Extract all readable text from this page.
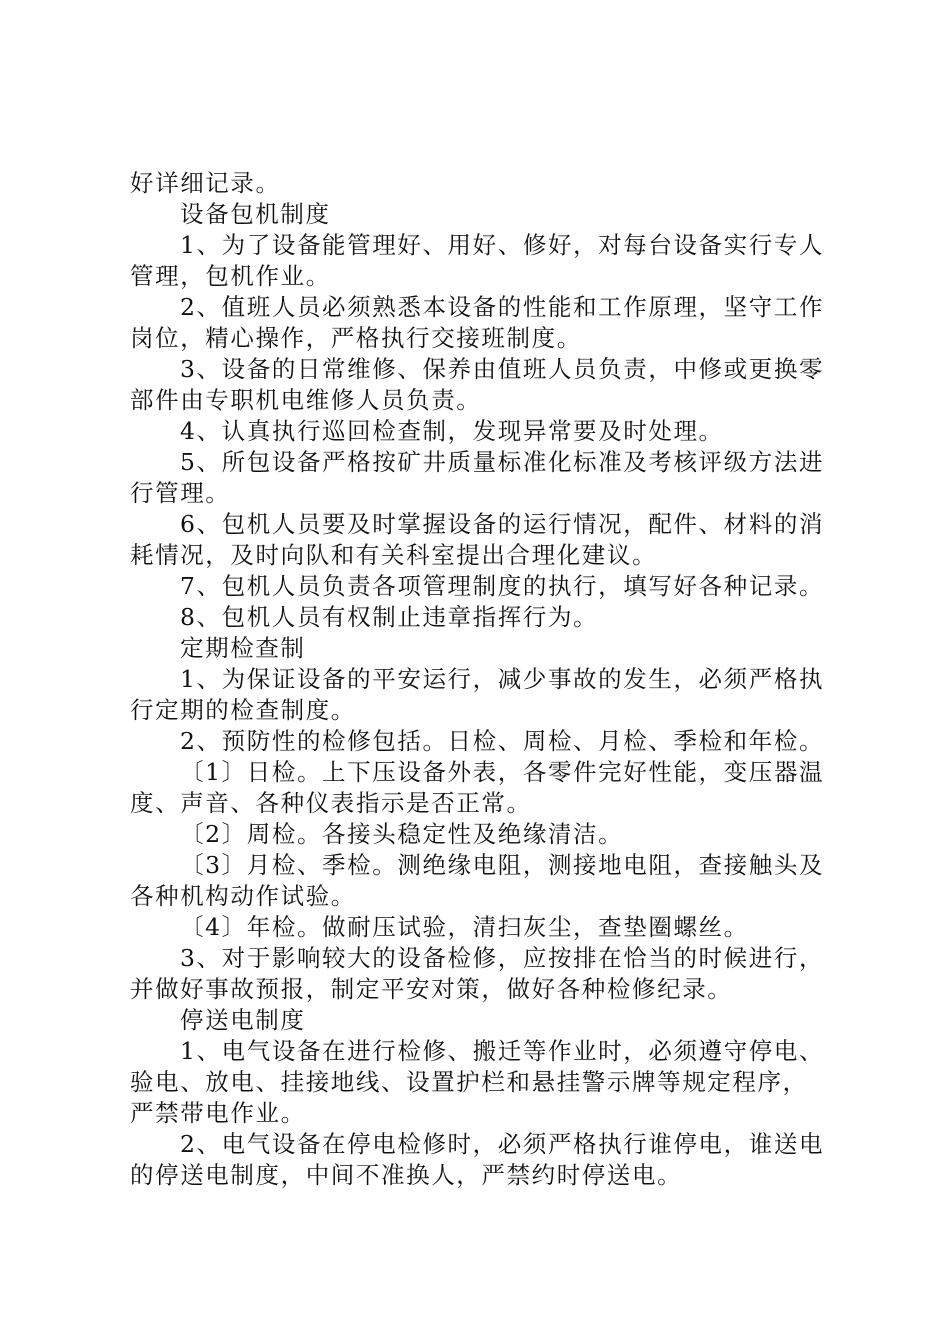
好详细记录。

设备包机制度

1、为了设备能管理好、用好、修好，对每台设备实行专人

管理，包机作业。

2、值班人员必须熟悉本设备的性能和工作原理，坚守工作

岗位，精心操作，严格执行交接班制度。

3、设备的日常维修、保养由值班人员负责，中修或更换零

部件由专职机电维修人员负责。

4、认真执行巡回检查制，发现异常要及时处理。

5、所包设备严格按矿井质量标准化标准及考核评级方法进

行管理。

6、包机人员要及时掌握设备的运行情况，配件、材料的消

耗情况，及时向队和有关科室提出合理化建议。

7、包机人员负责各项管理制度的执行，填写好各种记录。

8、包机人员有权制止违章指挥行为。

定期检查制

1、为保证设备的平安运行，减少事故的发生，必须严格执

行定期的检查制度。

2、预防性的检修包括。日检、周检、月检、季检和年检。

〔1〕日检。上下压设备外表，各零件完好性能，变压器温

度、声音、各种仪表指示是否正常。

〔2〕周检。各接头稳定性及绝缘清洁。

〔3〕月检、季检。测绝缘电阻，测接地电阻，查接触头及

各种机构动作试验。

〔4〕年检。做耐压试验，清扫灰尘，查垫圈螺丝。

3、对于影响较大的设备检修，应按排在恰当的时候进行，

并做好事故预报，制定平安对策，做好各种检修纪录。

停送电制度

1、电气设备在进行检修、搬迁等作业时，必须遵守停电、

验电、放电、挂接地线、设置护栏和悬挂警示牌等规定程序，

严禁带电作业。

2、电气设备在停电检修时，必须严格执行谁停电，谁送电

的停送电制度，中间不准换人，严禁约时停送电。
